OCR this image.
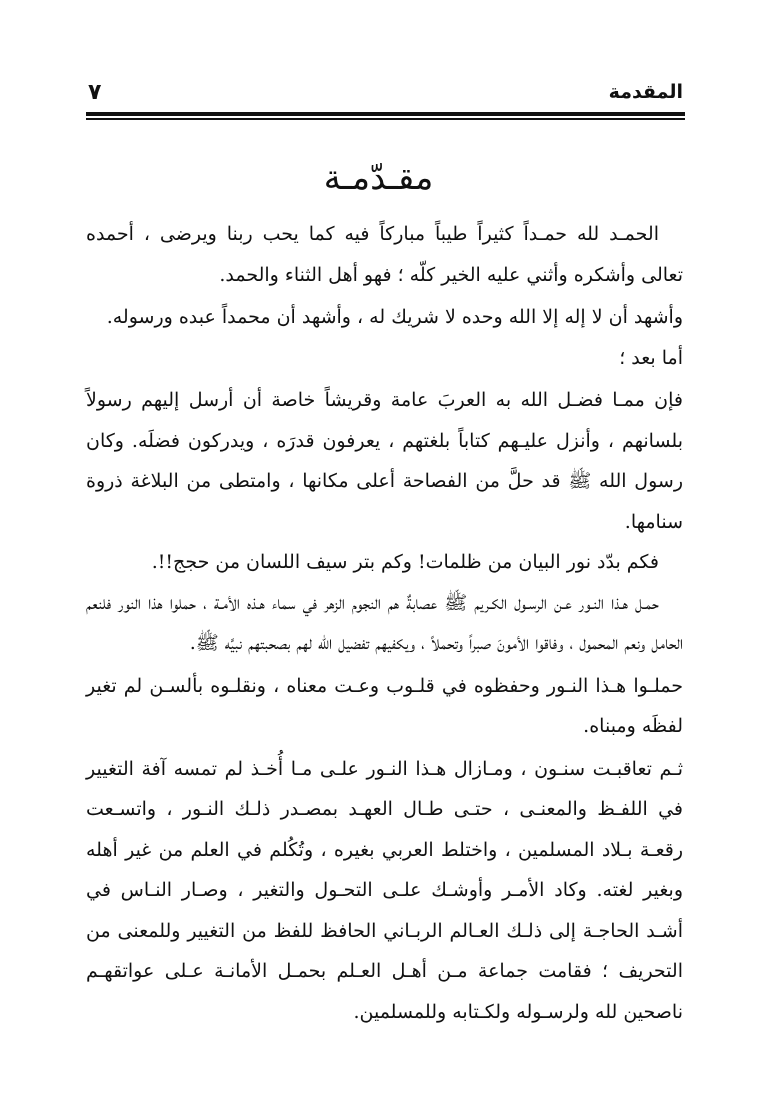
المقدمة
٧
مقـدّمـة

الحمـد لله حمـداً كثيراً طيباً مباركاً فيه كما يحب ربنا ويرضى ، أحمده تعالى وأشكره وأثني عليه الخير كلّه ؛ فهو أهل الثناء والحمد.

وأشهد أن لا إله إلا الله وحده لا شريك له ، وأشهد أن محمداً عبده ورسوله.

أما بعد ؛

فإن ممـا فضـل الله به العربَ عامة وقريشاً خاصة أن أرسل إليهم رسولاً بلسانهم ، وأنزل عليـهم كتاباً بلغتهم ، يعرفون قدرَه ، ويدركون فضلَه. وكان رسول الله ﷺ قد حلَّ من الفصاحة أعلى مكانها ، وامتطى من البلاغة ذروة سنامها.

فكم بدّد نور البيان من ظلمات! وكم بتر سيف اللسان من حجج!!.

حمـل هـذا النـور عـن الرسـول الكـريم ﷺ عصابةٌ هم النجوم الزهر في سماء هـذه الأمـة ، حملوا هذا النور فلنعم الحامل ونعم المحمول ، وفاقوا الأمونَ صبراً وتحملاً ، ويكفيهم تفضيل الله لهم بصحبتهم نبيَّه ﷺ.

حملـوا هـذا النـور وحفظوه في قلـوب وعـت معناه ، ونقلـوه بألسـن لم تغير لفظَه ومبناه.

ثـم تعاقبـت سنـون ، ومـازال هـذا النـور علـى مـا أُخـذ لم تمسه آفة التغيير في اللفـظ والمعنـى ، حتـى طـال العهـد بمصـدر ذلـك النـور ، واتسـعت رقعـة بـلاد المسلمين ، واختلط العربي بغيره ، وتُكُلم في العلم من غير أهله وبغير لغته. وكاد الأمـر وأوشـك علـى التحـول والتغير ، وصـار النـاس في أشـد الحاجـة إلى ذلـك العـالم الربـاني الحافظ للفظ من التغيير وللمعنى من التحريف ؛ فقامت جماعة مـن أهـل العـلم بحمـل الأمانـة عـلى عواتقهـم ناصحين لله ولرسـوله ولكـتابه وللمسلمين.
